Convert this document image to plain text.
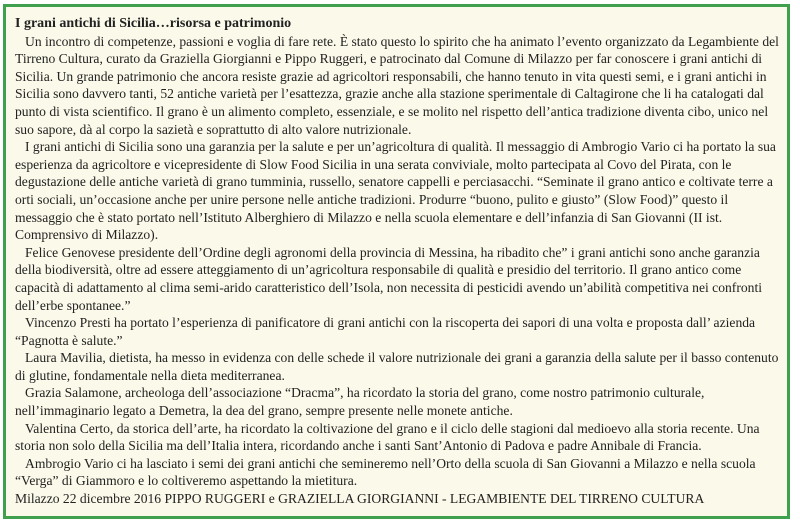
I grani antichi di Sicilia…risorsa e patrimonio

Un incontro di competenze, passioni e voglia di fare rete. È stato questo lo spirito che ha animato l’evento organizzato da Legambiente del Tirreno Cultura, curato da Graziella Giorgianni e Pippo Ruggeri, e patrocinato dal Comune di Milazzo per far conoscere i grani antichi di Sicilia. Un grande patrimonio che ancora resiste grazie ad agricoltori responsabili, che hanno tenuto in vita questi semi, e i grani antichi in Sicilia sono davvero tanti, 52 antiche varietà per l’esattezza, grazie anche alla stazione sperimentale di Caltagirone che li ha catalogati dal punto di vista scientifico. Il grano è un alimento completo, essenziale, e se molito nel rispetto dell’antica tradizione diventa cibo, unico nel suo sapore, dà al corpo la sazietà e soprattutto di alto valore nutrizionale.

I grani antichi di Sicilia sono una garanzia per la salute e per un’agricoltura di qualità. Il messaggio di Ambrogio Vario ci ha portato la sua esperienza da agricoltore e vicepresidente di Slow Food Sicilia in una serata conviviale, molto partecipata al Covo del Pirata, con le degustazione delle antiche varietà di grano tumminia, russello, senatore cappelli e perciasacchi. “Seminate il grano antico e coltivate terre a orti sociali, un’occasione anche per unire persone nelle antiche tradizioni. Produrre “buono, pulito e giusto” (Slow Food)” questo il messaggio che è stato portato nell’Istituto Alberghiero di Milazzo e nella scuola elementare e dell’infanzia di San Giovanni (II ist. Comprensivo di Milazzo).

Felice Genovese presidente dell’Ordine degli agronomi della provincia di Messina, ha ribadito che” i grani antichi sono anche garanzia della biodiversità, oltre ad essere atteggiamento di un’agricoltura responsabile di qualità e presidio del territorio. Il grano antico come capacità di adattamento al clima semi-arido caratteristico dell’Isola, non necessita di pesticidi avendo un’abilità competitiva nei confronti dell’erbe spontanee.”

Vincenzo Presti ha portato l’esperienza di panificatore di grani antichi con la riscoperta dei sapori di una volta e proposta dall’ azienda “Pagnotta è salute.”

Laura Mavilia, dietista, ha messo in evidenza con delle schede il valore nutrizionale dei grani a garanzia della salute per il basso contenuto di glutine, fondamentale nella dieta mediterranea.

Grazia Salamone, archeologa dell’associazione “Dracma”, ha ricordato la storia del grano, come nostro patrimonio culturale, nell’immaginario legato a Demetra, la dea del grano, sempre presente nelle monete antiche.

Valentina Certo, da storica dell’arte, ha ricordato la coltivazione del grano e il ciclo delle stagioni dal medioevo alla storia recente. Una storia non solo della Sicilia ma dell’Italia intera, ricordando anche i santi Sant’Antonio di Padova e padre Annibale di Francia.

Ambrogio Vario ci ha lasciato i semi dei grani antichi che semineremo nell’Orto della scuola di San Giovanni a Milazzo e nella scuola “Verga” di Giammoro e lo coltiveremo aspettando la mietitura.

Milazzo 22 dicembre 2016 PIPPO RUGGERI e GRAZIELLA GIORGIANNI - LEGAMBIENTE DEL TIRRENO CULTURA
